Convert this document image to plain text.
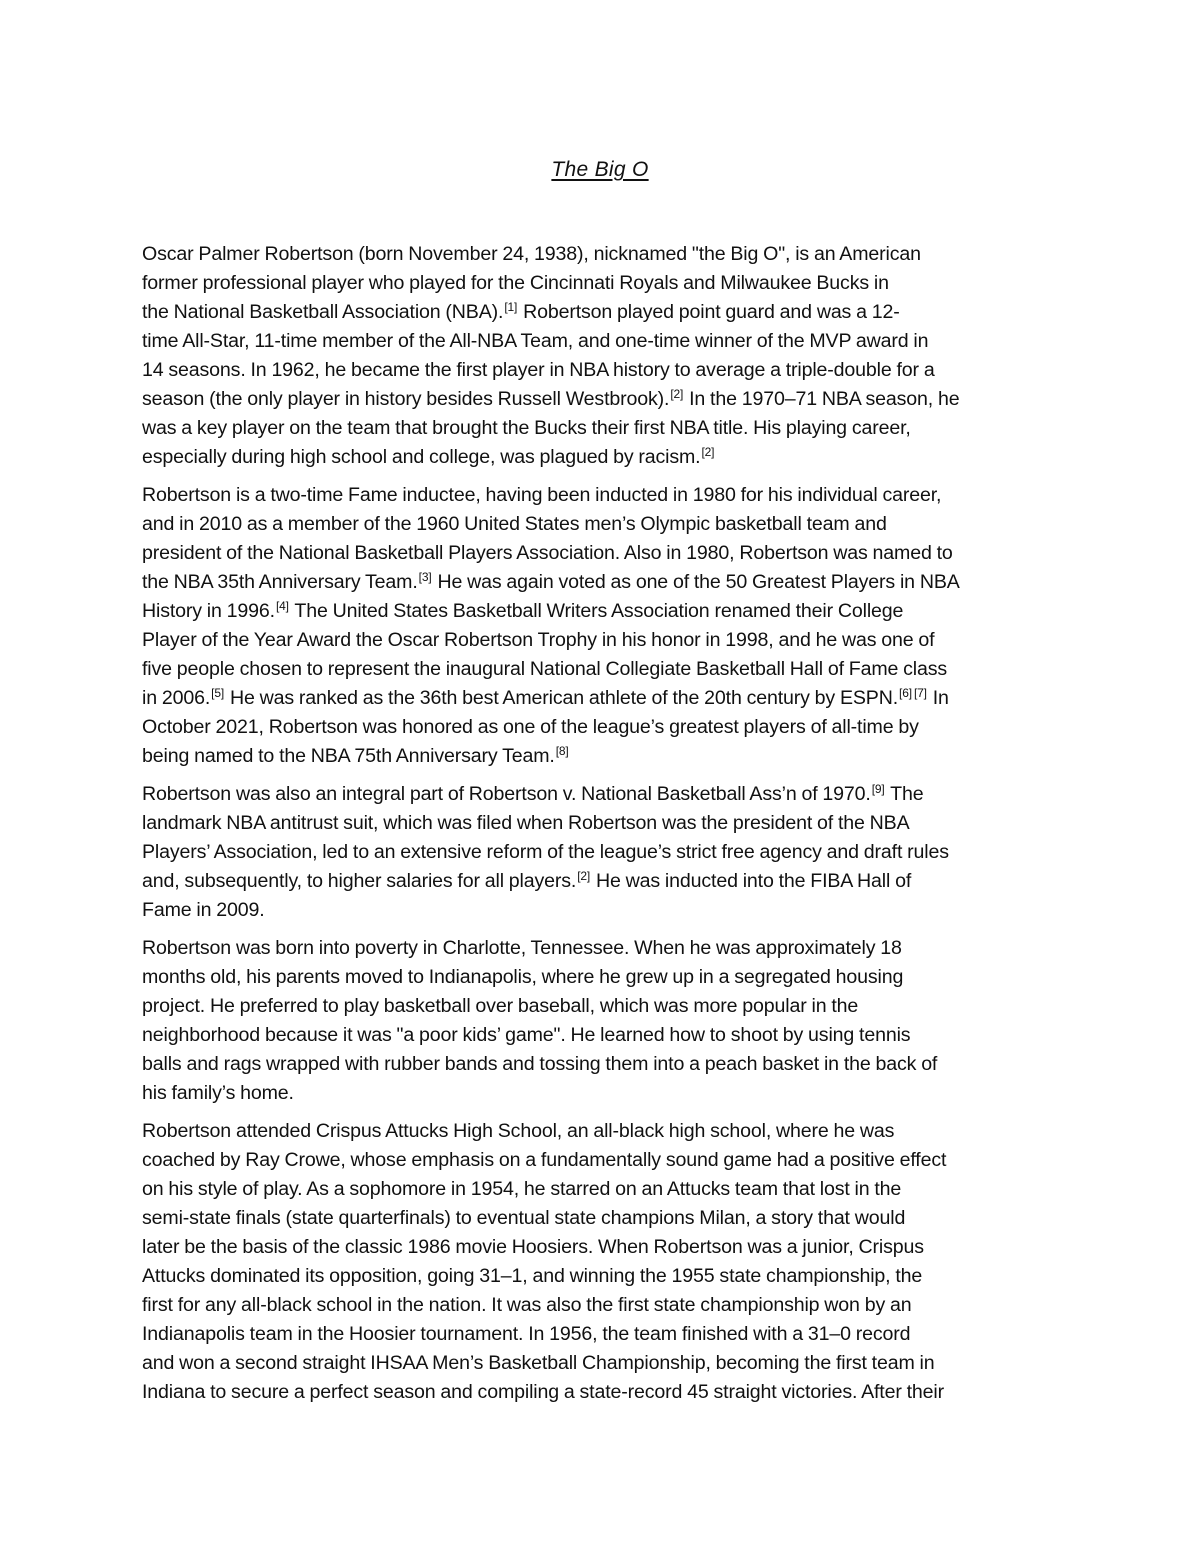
The Big O
Oscar Palmer Robertson (born November 24, 1938), nicknamed "the Big O", is an American
former professional player who played for the Cincinnati Royals and Milwaukee Bucks in
the National Basketball Association (NBA).[1] Robertson played point guard and was a 12-
time All-Star, 11-time member of the All-NBA Team, and one-time winner of the MVP award in
14 seasons. In 1962, he became the first player in NBA history to average a triple-double for a
season (the only player in history besides Russell Westbrook).[2] In the 1970–71 NBA season, he
was a key player on the team that brought the Bucks their first NBA title. His playing career,
especially during high school and college, was plagued by racism.[2]
Robertson is a two-time Fame inductee, having been inducted in 1980 for his individual career,
and in 2010 as a member of the 1960 United States men’s Olympic basketball team and
president of the National Basketball Players Association. Also in 1980, Robertson was named to
the NBA 35th Anniversary Team.[3] He was again voted as one of the 50 Greatest Players in NBA
History in 1996.[4] The United States Basketball Writers Association renamed their College
Player of the Year Award the Oscar Robertson Trophy in his honor in 1998, and he was one of
five people chosen to represent the inaugural National Collegiate Basketball Hall of Fame class
in 2006.[5] He was ranked as the 36th best American athlete of the 20th century by ESPN.[6] [7] In
October 2021, Robertson was honored as one of the league’s greatest players of all-time by
being named to the NBA 75th Anniversary Team.[8]
Robertson was also an integral part of Robertson v. National Basketball Ass’n of 1970.[9] The
landmark NBA antitrust suit, which was filed when Robertson was the president of the NBA
Players’ Association, led to an extensive reform of the league’s strict free agency and draft rules
and, subsequently, to higher salaries for all players.[2] He was inducted into the FIBA Hall of
Fame in 2009.
Robertson was born into poverty in Charlotte, Tennessee. When he was approximately 18
months old, his parents moved to Indianapolis, where he grew up in a segregated housing
project. He preferred to play basketball over baseball, which was more popular in the
neighborhood because it was "a poor kids’ game". He learned how to shoot by using tennis
balls and rags wrapped with rubber bands and tossing them into a peach basket in the back of
his family’s home.
Robertson attended Crispus Attucks High School, an all-black high school, where he was
coached by Ray Crowe, whose emphasis on a fundamentally sound game had a positive effect
on his style of play. As a sophomore in 1954, he starred on an Attucks team that lost in the
semi-state finals (state quarterfinals) to eventual state champions Milan, a story that would
later be the basis of the classic 1986 movie Hoosiers. When Robertson was a junior, Crispus
Attucks dominated its opposition, going 31–1, and winning the 1955 state championship, the
first for any all-black school in the nation. It was also the first state championship won by an
Indianapolis team in the Hoosier tournament. In 1956, the team finished with a 31–0 record
and won a second straight IHSAA Men’s Basketball Championship, becoming the first team in
Indiana to secure a perfect season and compiling a state-record 45 straight victories. After their
